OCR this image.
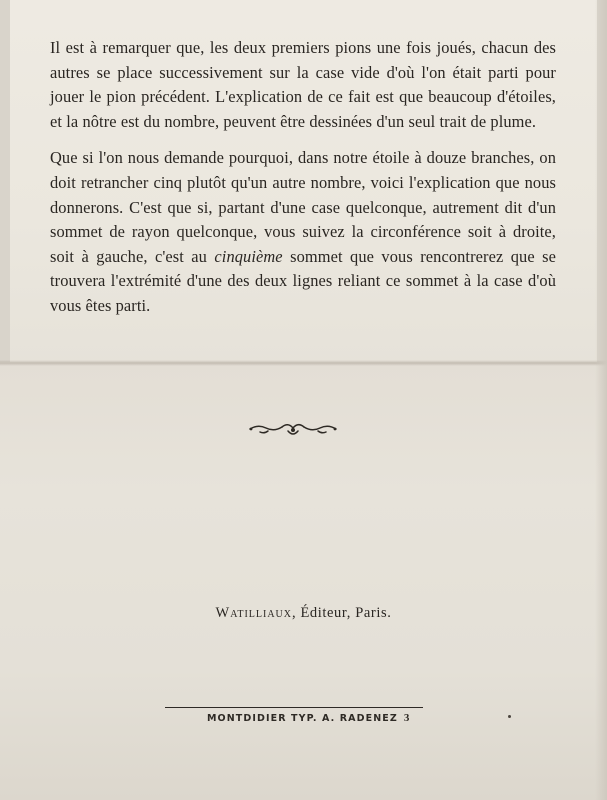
Il est à remarquer que, les deux premiers pions une fois joués, chacun des autres se place successivement sur la case vide d'où l'on était parti pour jouer le pion précédent. L'explication de ce fait est que beaucoup d'étoiles, et la nôtre est du nombre, peuvent être dessinées d'un seul trait de plume.

Que si l'on nous demande pourquoi, dans notre étoile à douze branches, on doit retrancher cinq plutôt qu'un autre nombre, voici l'explication que nous donnerons. C'est que si, partant d'une case quelconque, autrement dit d'un sommet de rayon quelconque, vous suivez la circonférence soit à droite, soit à gauche, c'est au cinquième sommet que vous rencontrerez que se trouvera l'extrémité d'une des deux lignes reliant ce sommet à la case d'où vous êtes parti.

Watilliaux, Éditeur, Paris.
MONTDIDIER TYP. A. RADENEZ 3
